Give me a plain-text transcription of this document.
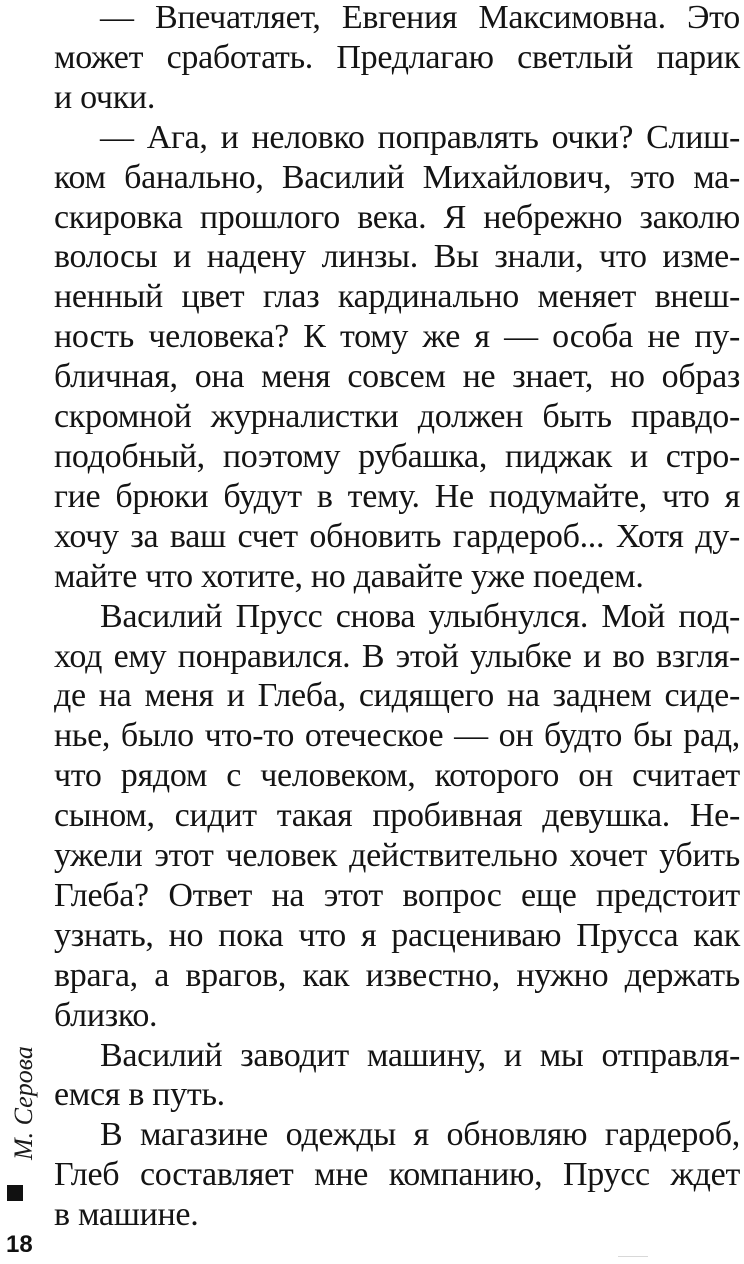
— Впечатляет, Евгения Максимовна. Это
может сработать. Предлагаю светлый парик
и очки.

— Ага, и неловко поправлять очки? Слиш-
ком банально, Василий Михайлович, это ма-
скировка прошлого века. Я небрежно заколю
волосы и надену линзы. Вы знали, что изме-
ненный цвет глаз кардинально меняет внеш-
ность человека? К тому же я — особа не пу-
бличная, она меня совсем не знает, но образ
скромной журналистки должен быть правдо-
подобный, поэтому рубашка, пиджак и стро-
гие брюки будут в тему. Не подумайте, что я
хочу за ваш счет обновить гардероб... Хотя ду-
майте что хотите, но давайте уже поедем.

Василий Прусс снова улыбнулся. Мой под-
ход ему понравился. В этой улыбке и во взгля-
де на меня и Глеба, сидящего на заднем сиде-
нье, было что-то отеческое — он будто бы рад,
что рядом с человеком, которого он считает
сыном, сидит такая пробивная девушка. Не-
ужели этот человек действительно хочет убить
Глеба? Ответ на этот вопрос еще предстоит
узнать, но пока что я расцениваю Прусса как
врага, а врагов, как известно, нужно держать
близко.

Василий заводит машину, и мы отправля-
емся в путь.

В магазине одежды я обновляю гардероб,
Глеб составляет мне компанию, Прусс ждет
в машине.

М. Серова
18
